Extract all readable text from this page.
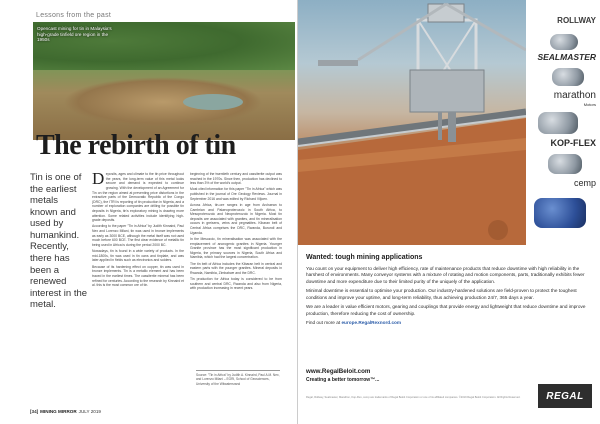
Lessons from the past
Opencast mining for tin in Malaysia's high-grade tinfield ore region in the 1950s
The rebirth of tin
Tin is one of the earliest metals known and used by humankind. Recently, there has been a renewed interest in the metal.

Deposits, ages and climate to the tin price throughout the years, the long-term value of this metal looks secure and demand is expected to continue growing. With the development of an Agreement for Tin on the region aimed at preventing price distortions in the extractive parts of the Democratic Republic of the Congo (DRC), the ITRI is reporting of tin production in Nigeria, and a number of exploration companies are drilling for possible tin deposits in Nigeria, tin's exploratory mining is drawing more attention. Some related activities include identifying high-grade deposits.

According to the paper "Tin in Africa" by Judith Kinnaird, Paul Nex and Lorenzo Milani, tin was used in bronze implements as early as 3000 BCE, although the metal itself was not used much before 600 BCE. The first clear evidence of metallic tin being used in Africa is during the period 2000 BC.

Nowadays, tin is found in a wide variety of products. In the mid-1800s, tin was used in tin cans and tinplate, and was later applied in fields such as electronics and solders.

Because of its hardening effect on copper, tin was used in bronze implements. Tin is a metallic element and has been traced in the earliest times. The cassiterite mineral has been refined for centuries. According to the research by Kinnaird et al. this is the most common ore of tin.

beginning of the twentieth century and cassiterite output was reached in the 1970s. Since then, production has declined to less than 3% of the world's output.

Most cited information for this paper "Tin in Africa" which was published in the journal of Ore Geology Reviews. Journal in September 2016 and was edited by Richard Viljoen.

Across Africa, tin-ore ranges in age from Archaean to Cambrian and Palaeoproterozoic in South Africa, to Mesoproterozoic and Neoproterozoic in Nigeria. Most tin deposits are associated with granites, and tin mineralisation occurs in greisens, veins and pegmatites. Kibaran belt of Central Africa comprises the DRC, Rwanda, Burundi and Uganda.

In the Mesozoic, tin mineralisation was associated with the emplacement of anorogenic granites in Nigeria. Younger Granite province has the most significant production in Nigeria, the primary sources in Nigeria, South Africa and Namibia, which had the largest concentration.

The tin belt of Africa includes the Kibaran belt in central and eastern parts with the younger granites. Mineral deposits in Rwanda, Namibia, Zimbabwe and the DRC.

Tin production for Africa today is considered to be from southern and central DRC, Rwanda and also from Nigeria, with production increasing in recent years.

Source: "Tin in Africa" by Judith A. Kinnaird, Paul A.M. Nex, and Lorenzo Milani – EGRI, School of Geosciences, University of the Witwatersrand
[34] MINING MIRROR JULY 2019
ROLLWAY
SEALMASTER
marathon
Motors
KOP-FLEX
cemp
Wanted: tough mining applications

You count on your equipment to deliver high efficiency, rate of maintenance products that reduce downtime with high reliability in the harshest of environments. Many conveyor systems with a mixture of rotating and motion components, parts, traditionally exhibits fewer downtime and more expenditure due to their limited purity of the uniquely of the application.

Minimal downtime is essential to optimise your production. Our industry-hardened solutions are field-proven to protect the toughest conditions and improve your uptime, and long-term reliability, thus achieving production 24/7, 365 days a year.

We are a leader in value efficient motors, gearing and couplings that provide energy and lightweight that reduce downtime and improve production, therefore reducing the cost of ownership.

Find out more at europe.RegalRexnord.com

www.RegalBeloit.com
Creating a better tomorrow™...
Regal, Rollway, Sealmaster, Marathon, Kop-Flex, cemp are trademarks of Regal Beloit Corporation or one of its affiliated companies. ©2019 Regal Beloit Corporation. All Rights Reserved.	REGAL
